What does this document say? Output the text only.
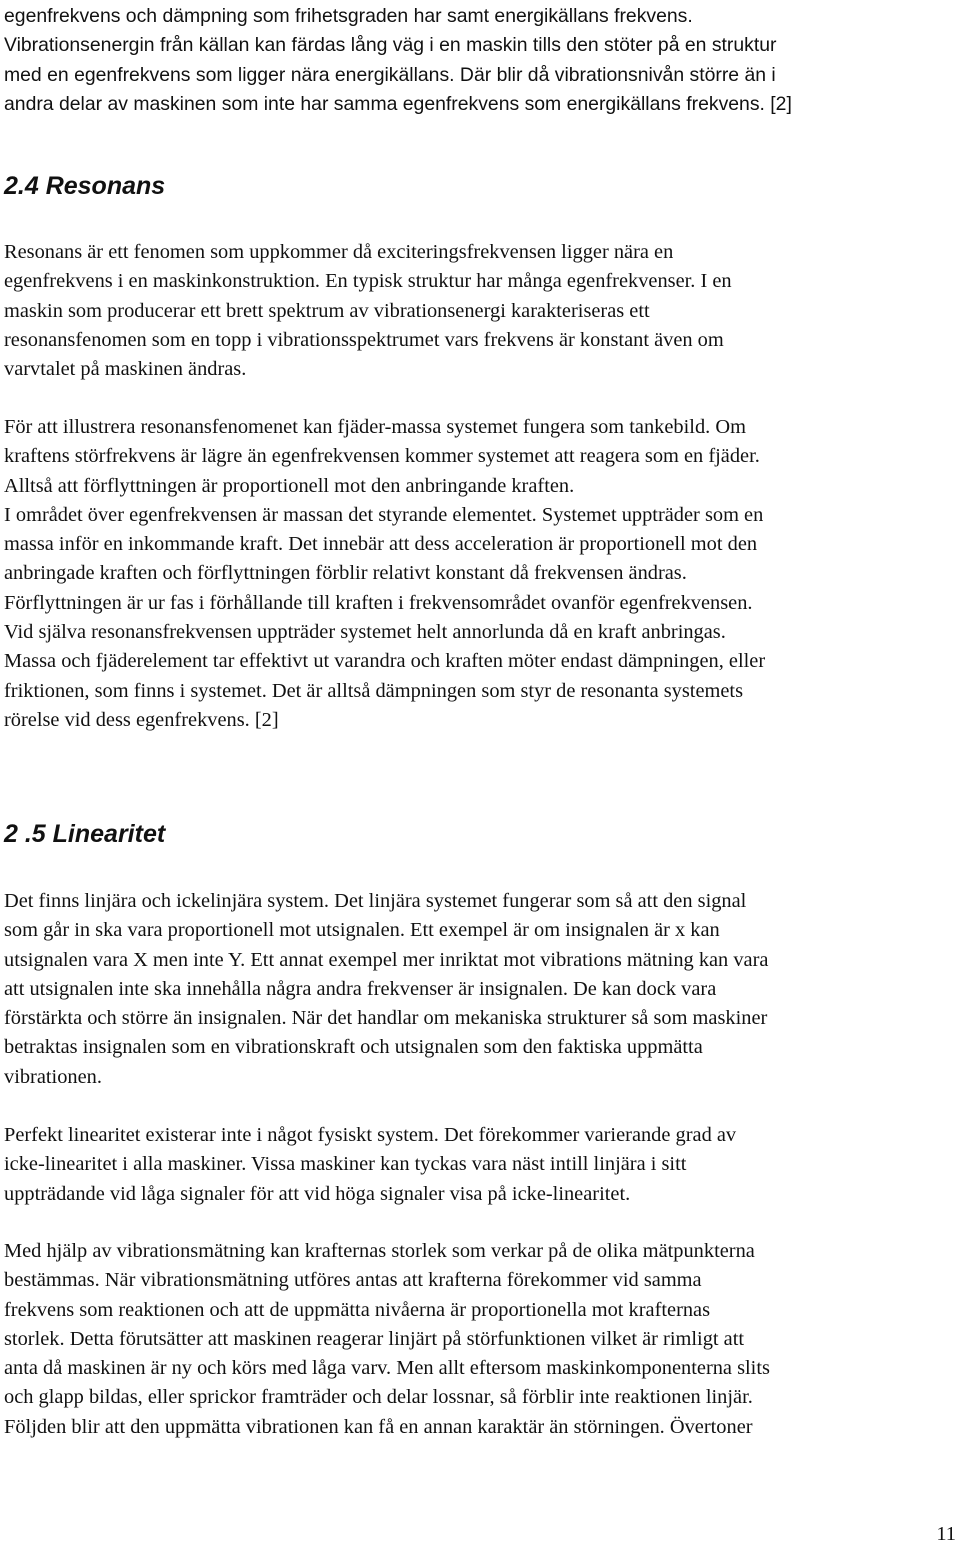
egenfrekvens och dämpning som frihetsgraden har samt energikällans frekvens.
Vibrationsenergin från källan kan färdas lång väg i en maskin tills den stöter på en struktur
med en egenfrekvens som ligger nära energikällans. Där blir då vibrationsnivån större än i
andra delar av maskinen som inte har samma egenfrekvens som energikällans frekvens. [2]
2.4 Resonans
Resonans är ett fenomen som uppkommer då exciteringsfrekvensen ligger nära en
egenfrekvens i en maskinkonstruktion. En typisk struktur har många egenfrekvenser. I en
maskin som producerar ett brett spektrum av vibrationsenergi karakteriseras ett
resonansfenomen som en topp i vibrationsspektrumet vars frekvens är konstant även om
varvtalet på maskinen ändras.
För att illustrera resonansfenomenet kan fjäder-massa systemet fungera som tankebild. Om
kraftens störfrekvens är lägre än egenfrekvensen kommer systemet att reagera som en fjäder.
Alltså att förflyttningen är proportionell mot den anbringande kraften.
I området över egenfrekvensen är massan det styrande elementet. Systemet uppträder som en
massa inför en inkommande kraft. Det innebär att dess acceleration är proportionell mot den
anbringade kraften och förflyttningen förblir relativt konstant då frekvensen ändras.
Förflyttningen är ur fas i förhållande till kraften i frekvensområdet ovanför egenfrekvensen.
Vid själva resonansfrekvensen uppträder systemet helt annorlunda då en kraft anbringas.
Massa och fjäderelement tar effektivt ut varandra och kraften möter endast dämpningen, eller
friktionen, som finns i systemet. Det är alltså dämpningen som styr de resonanta systemets
rörelse vid dess egenfrekvens. [2]
2 .5 Linearitet
Det finns linjära och ickelinjära system. Det linjära systemet fungerar som så att den signal
som går in ska vara proportionell mot utsignalen. Ett exempel är om insignalen är x kan
utsignalen vara X men inte Y. Ett annat exempel mer inriktat mot vibrations mätning kan vara
att utsignalen inte ska innehålla några andra frekvenser är insignalen. De kan dock vara
förstärkta och större än insignalen. När det handlar om mekaniska strukturer så som maskiner
betraktas insignalen som en vibrationskraft och utsignalen som den faktiska uppmätta
vibrationen.
Perfekt linearitet existerar inte i något fysiskt system. Det förekommer varierande grad av
icke-linearitet i alla maskiner. Vissa maskiner kan tyckas vara näst intill linjära i sitt
uppträdande vid låga signaler för att vid höga signaler visa på icke-linearitet.
Med hjälp av vibrationsmätning kan krafternas storlek som verkar på de olika mätpunkterna
bestämmas. När vibrationsmätning utföres antas att krafterna förekommer vid samma
frekvens som reaktionen och att de uppmätta nivåerna är proportionella mot krafternas
storlek. Detta förutsätter att maskinen reagerar linjärt på störfunktionen vilket är rimligt att
anta då maskinen är ny och körs med låga varv. Men allt eftersom maskinkomponenterna slits
och glapp bildas, eller sprickor framträder och delar lossnar, så förblir inte reaktionen linjär.
Följden blir att den uppmätta vibrationen kan få en annan karaktär än störningen. Övertoner
11
